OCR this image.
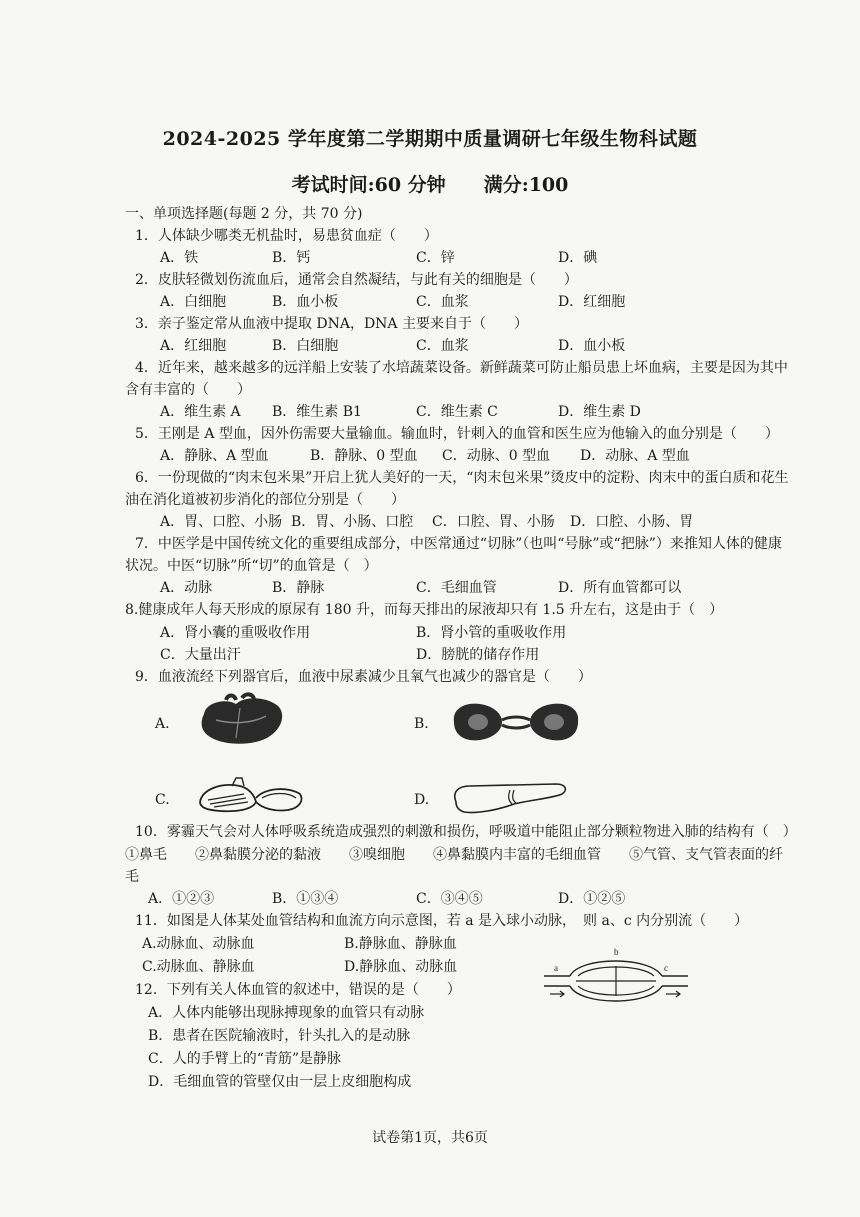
2024-2025 学年度第二学期期中质量调研七年级生物科试题
考试时间:60 分钟 满分:100
一、单项选择题(每题 2 分，共 70 分)
1．人体缺少哪类无机盐时，易患贫血症（　　）
A．铁	B．钙	C．锌	D．碘
2．皮肤轻微划伤流血后，通常会自然凝结，与此有关的细胞是（　　）
A．白细胞	B．血小板	C．血浆	D．红细胞
3．亲子鉴定常从血液中提取 DNA，DNA 主要来自于（　　）
A．红细胞	B．白细胞	C．血浆	D．血小板
4．近年来，越来越多的远洋船上安装了水培蔬菜设备。新鲜蔬菜可防止船员患上坏血病，主要是因为其中
含有丰富的（　　）
A．维生素 A B．维生素 B1	C．维生素 C	D．维生素 D
5．王刚是 A 型血，因外伤需要大量输血。输血时，针刺入的血管和医生应为他输入的血分别是（　　）
A．静脉、A 型血	B．静脉、0 型血 C．动脉、0 型血 D．动脉、A 型血
6．一份现做的“肉末包米果”开启上犹人美好的一天，“肉末包米果”烫皮中的淀粉、肉末中的蛋白质和花生
油在消化道被初步消化的部位分别是（　　）
A．胃、口腔、小肠 B．胃、小肠、口腔 C．口腔、胃、小肠 D．口腔、小肠、胃
7．中医学是中国传统文化的重要组成部分，中医常通过“切脉”（也叫“号脉”或“把脉”）来推知人体的健康
状况。中医“切脉”所“切”的血管是（　）
A．动脉	B．静脉	C．毛细血管	D．所有血管都可以
8.健康成年人每天形成的原尿有 180 升，而每天排出的尿液却只有 1.5 升左右，这是由于（　）
A．肾小囊的重吸收作用	B．肾小管的重吸收作用
C．大量出汗	D．膀胱的储存作用
9．血液流经下列器官后，血液中尿素减少且氧气也减少的器官是（　　）
A.	B.
C.	D.
10．雾霾天气会对人体呼吸系统造成强烈的刺激和损伤，呼吸道中能阻止部分颗粒物进入肺的结构有（　）
①鼻毛　　②鼻黏膜分泌的黏液　　③嗅细胞　　④鼻黏膜内丰富的毛细血管　　⑤气管、支气管表面的纤
毛
A．①②③	B．①③④	C．③④⑤	D．①②⑤
11．如图是人体某处血管结构和血流方向示意图，若 a 是入球小动脉，　则 a、c 内分别流（　　）
A.动脉血、动脉血	B.静脉血、静脉血
C.动脉血、静脉血	D.静脉血、动脉血	a
b
c
12．下列有关人体血管的叙述中，错误的是（　　）
A．人体内能够出现脉搏现象的血管只有动脉
B．患者在医院输液时，针头扎入的是动脉
C．人的手臂上的“青筋”是静脉
D．毛细血管的管壁仅由一层上皮细胞构成
试卷第1页，共6页
